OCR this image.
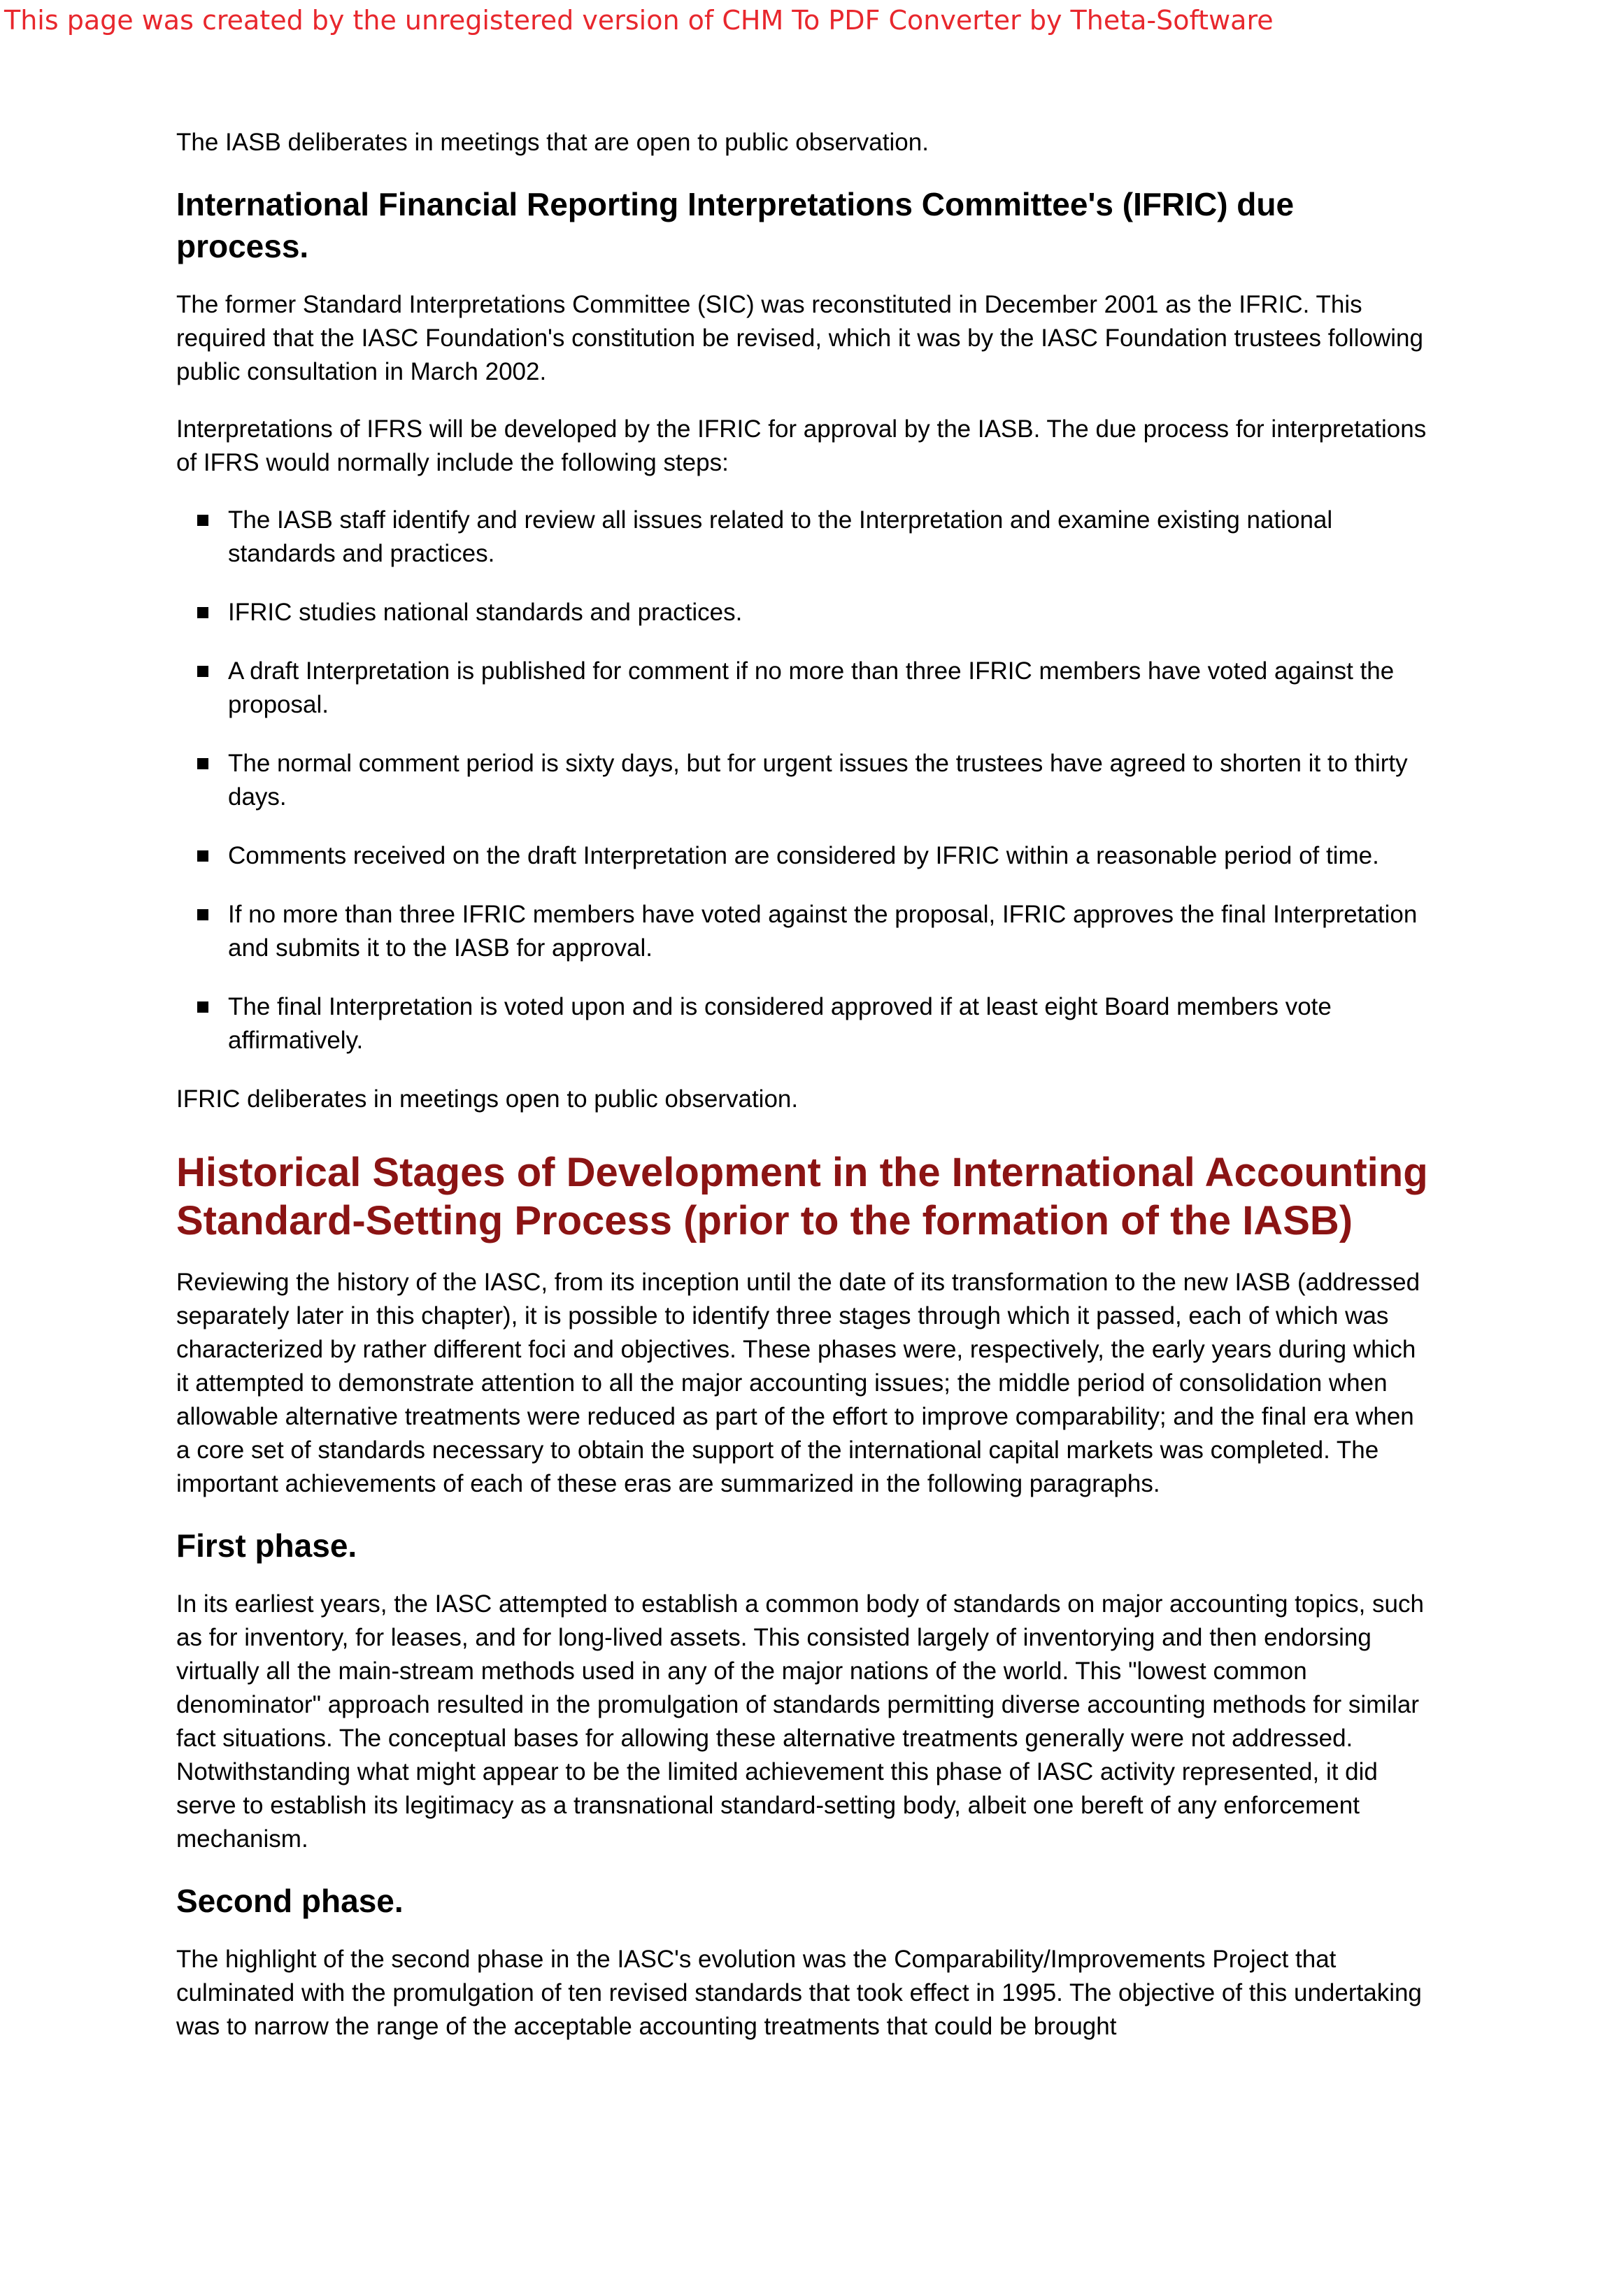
This page was created by the unregistered version of CHM To PDF Converter by Theta-Software

The IASB deliberates in meetings that are open to public observation.

International Financial Reporting Interpretations Committee's (IFRIC) due process.

The former Standard Interpretations Committee (SIC) was reconstituted in December 2001 as the IFRIC. This required that the IASC Foundation's constitution be revised, which it was by the IASC Foundation trustees following public consultation in March 2002.

Interpretations of IFRS will be developed by the IFRIC for approval by the IASB. The due process for interpretations of IFRS would normally include the following steps:

The IASB staff identify and review all issues related to the Interpretation and examine existing national standards and practices.
IFRIC studies national standards and practices.
A draft Interpretation is published for comment if no more than three IFRIC members have voted against the proposal.
The normal comment period is sixty days, but for urgent issues the trustees have agreed to shorten it to thirty days.
Comments received on the draft Interpretation are considered by IFRIC within a reasonable period of time.
If no more than three IFRIC members have voted against the proposal, IFRIC approves the final Interpretation and submits it to the IASB for approval.
The final Interpretation is voted upon and is considered approved if at least eight Board members vote affirmatively.

IFRIC deliberates in meetings open to public observation.

Historical Stages of Development in the International Accounting Standard-Setting Process (prior to the formation of the IASB)

Reviewing the history of the IASC, from its inception until the date of its transformation to the new IASB (addressed separately later in this chapter), it is possible to identify three stages through which it passed, each of which was characterized by rather different foci and objectives. These phases were, respectively, the early years during which it attempted to demonstrate attention to all the major accounting issues; the middle period of consolidation when allowable alternative treatments were reduced as part of the effort to improve comparability; and the final era when a core set of standards necessary to obtain the support of the international capital markets was completed. The important achievements of each of these eras are summarized in the following paragraphs.

First phase.

In its earliest years, the IASC attempted to establish a common body of standards on major accounting topics, such as for inventory, for leases, and for long-lived assets. This consisted largely of inventorying and then endorsing virtually all the main-stream methods used in any of the major nations of the world. This "lowest common denominator" approach resulted in the promulgation of standards permitting diverse accounting methods for similar fact situations. The conceptual bases for allowing these alternative treatments generally were not addressed. Notwithstanding what might appear to be the limited achievement this phase of IASC activity represented, it did serve to establish its legitimacy as a transnational standard-setting body, albeit one bereft of any enforcement mechanism.

Second phase.

The highlight of the second phase in the IASC's evolution was the Comparability/Improvements Project that culminated with the promulgation of ten revised standards that took effect in 1995. The objective of this undertaking was to narrow the range of the acceptable accounting treatments that could be brought
